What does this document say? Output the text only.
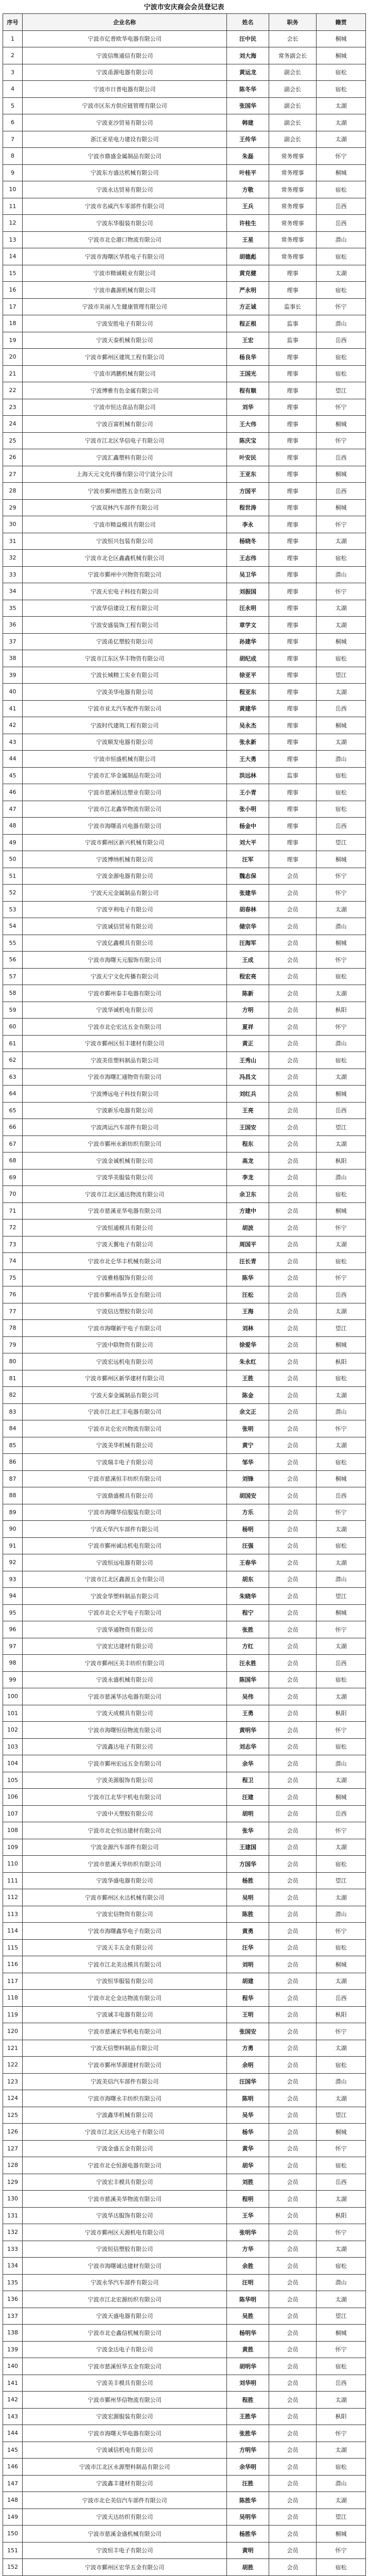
宁波市安庆商会会员登记表
序号	企业名称	姓名	职务	籍贯
1	宁波市亿普欧华电器有限公司	汪中民	会长	桐城
2	宁波信维通信有限公司	刘大海	常务副会长	桐城
3	宁波甬源电器有限公司	黄运龙	副会长	宿松
4	宁波市日普电器有限公司	陈冬华	副会长	宿松
5	宁波市区东方供应链管理有限公司	张国华	副会长	太湖
6	宁波亚沙贸易有限公司	韩建	副会长	太湖
7	浙江亚星电力建设有限公司	王传华	副会长	太湖
8	宁波市鼎盛金属制品有限公司	朱磊	常务理事	怀宁
9	宁波东方盛达机械有限公司	叶桂平	常务理事	桐城
10	宁波永达贸易有限公司	方敬	常务理事	宿松
11	宁波市名威汽车零部件有限公司	王兵	常务理事	岳西
12	宁波东华服装有限公司	许桂生	常务理事	岳西
13	宁波市北仑港口物流有限公司	王星	常务理事	潜山
14	宁波市海曙区华胜电子有限公司	胡德彪	常务理事	宿松
15	宁波市精诚鞋业有限公司	黄克健	理事	太湖
16	宁波市鑫源机械有限公司	严永明	理事	宿松
17	宁波市美丽人生健康管理有限公司	方正诚	监事长	怀宁
18	宁波安胜电子有限公司	程正根	监事	潜山
19	宁波天泰机械有限公司	王宏	监事	岳西
20	宁波市鄞州区建筑工程有限公司	杨良华	理事	宿松
21	宁波市鸿鹏机械有限公司	王国光	理事	宿松
22	宁波博雅有色金属有限公司	程有顺	理事	望江
23	宁波市恒达食品有限公司	刘华	理事	怀宁
24	宁波百富机械有限公司	王大伟	理事	桐城
25	宁波市江北区华信电子有限公司	陈庆宝	理事	怀宁
26	宁波汇鑫塑料有限公司	叶安民	理事	岳西
27	上海天元文化传播有限公司宁波分公司	王亚东	理事	桐城
28	宁波市鄞州德胜五金有限公司	方国平	理事	岳西
29	宁波双林汽车部件有限公司	程世涛	理事	桐城
30	宁波市精益模具有限公司	李永	理事	怀宁
31	宁波恒兴包装有限公司	杨晓冬	理事	太湖
32	宁波市北仑区鑫鑫机械有限公司	王志伟	理事	宿松
33	宁波市鄞州中兴物资有限公司	吴卫华	理事	潜山
34	宁波天宏电子科技有限公司	刘振国	理事	怀宁
35	宁波华信建设工程有限公司	汪永明	理事	太湖
36	宁波安盛装饰工程有限公司	章学文	理事	太湖
37	宁波甬亿塑胶有限公司	孙建华	理事	桐城
38	宁波市江东区华丰物资有限公司	胡纪成	理事	宿松
39	宁波长城精工实业有限公司	徐亚平	理事	望江
40	宁波美华电器有限公司	程亚东	理事	太湖
41	宁波市亚太汽车配件有限公司	黄建华	理事	岳西
42	宁波时代建筑工程有限公司	吴永杰	理事	桐城
43	宁波顺发电器有限公司	张永新	理事	太湖
44	宁波市恒盛机械有限公司	王大勇	理事	潜山
45	宁波市汇华金属制品有限公司	洪远林	监事	宿松
46	宁波市慈溪恒达塑业有限公司	王小青	理事	宿松
47	宁波市江北鑫华物流有限公司	张小明	理事	宿松
48	宁波市海曙甬兴电器有限公司	杨金中	理事	岳西
49	宁波市鄞州区新兴机械有限公司	刘大平	理事	望江
50	宁波博纳机械有限公司	汪军	理事	桐城
51	宁波金源电器有限公司	魏志保	会员	怀宁
52	宁波天元金属制品有限公司	张建华	会员	怀宁
53	宁波亨利电子有限公司	胡春林	会员	太湖
54	宁波诚信贸易有限公司	储宗华	会员	潜山
55	宁波亿鑫模具有限公司	汪海军	会员	桐城
56	宁波市海曙天元服饰有限公司	王成	会员	怀宁
57	宁波天宁文化传播有限公司	程宏亮	会员	宿松
58	宁波市鄞州泰丰电器有限公司	陈新	会员	太湖
59	宁波华诚机电有限公司	方明	会员	枞阳
60	宁波市北仑宏达五金有限公司	夏祥	会员	怀宁
61	宁波市鄞州区恒丰建材有限公司	黄正	会员	潜山
62	宁波美佳塑料制品有限公司	王秀山	会员	宿松
63	宁波市海曙汇通物资有限公司	冯昌文	会员	太湖
64	宁波博远电子科技有限公司	刘红兵	会员	桐城
65	宁波新乐电器有限公司	王亮	会员	岳西
66	宁波鸿运汽车部件有限公司	王国安	会员	望江
67	宁波市鄞州永新纺织有限公司	程东	会员	太湖
68	宁波金诚机械有限公司	高龙	会员	枞阳
69	宁波华美服装有限公司	李龙	会员	潜山
70	宁波市江北区通达物流有限公司	余卫东	会员	宿松
71	宁波市慈溪亚华电器有限公司	方建中	会员	桐城
72	宁波恒通模具有限公司	胡波	会员	怀宁
73	宁波天翼电子有限公司	周国平	会员	太湖
74	宁波市北仑华丰机械有限公司	汪长青	会员	宿松
75	宁波雅格服饰有限公司	陈华	会员	怀宁
76	宁波市鄞州甬华五金有限公司	汪松	会员	岳西
77	宁波信达塑胶有限公司	王海	会员	太湖
78	宁波市海曙新宇电子有限公司	刘林	会员	望江
79	宁波中联物资有限公司	徐爱华	会员	桐城
80	宁波宏远机电有限公司	朱永红	会员	枞阳
81	宁波市鄞州区新华建材有限公司	王胜	会员	宿松
82	宁波天泰金属制品有限公司	陈金	会员	太湖
83	宁波市江北汇丰电器有限公司	余文正	会员	潜山
84	宁波市北仑宏兴物流有限公司	张明	会员	怀宁
85	宁波美华机械有限公司	黄宁	会员	太湖
86	宁波瑞丰电子有限公司	邹华	会员	宿松
87	宁波市慈溪恒丰纺织有限公司	刘锋	会员	桐城
88	宁波鼎盛模具有限公司	胡国安	会员	岳西
89	宁波市海曙华信服装有限公司	方乐	会员	怀宁
90	宁波天华汽车部件有限公司	杨明	会员	太湖
91	宁波市鄞州诚达机电有限公司	汪强	会员	宿松
92	宁波恒远电器有限公司	王春华	会员	太湖
93	宁波市江北区鑫源五金有限公司	胡东	会员	潜山
94	宁波金华塑料制品有限公司	朱晓华	会员	望江
95	宁波市北仑天宇电子有限公司	程宁	会员	桐城
96	宁波华通物资有限公司	张胜	会员	怀宁
97	宁波宏达建材有限公司	方红	会员	太湖
98	宁波市鄞州区美丰纺织有限公司	汪永胜	会员	岳西
99	宁波永盛机械有限公司	陈国华	会员	宿松
100	宁波市慈溪华达电器有限公司	吴伟	会员	太湖
101	宁波天成模具有限公司	王勇	会员	枞阳
102	宁波市海曙恒信物流有限公司	黄明华	会员	怀宁
103	宁波鑫达电子有限公司	刘志华	会员	宿松
104	宁波市鄞州宏远五金有限公司	余华	会员	潜山
105	宁波美源服饰有限公司	程卫	会员	太湖
106	宁波市江北华宇机电有限公司	汪建	会员	桐城
107	宁波中天塑胶有限公司	胡明	会员	岳西
108	宁波市北仑恒达建材有限公司	张华	会员	怀宁
109	宁波金源汽车部件有限公司	王建国	会员	太湖
110	宁波市慈溪天华纺织有限公司	方国华	会员	宿松
111	宁波华盛电器有限公司	杨胜	会员	望江
112	宁波市鄞州区永达机械有限公司	吴明	会员	太湖
113	宁波宏信物资有限公司	陈胜	会员	潜山
114	宁波市海曙鑫华电子有限公司	黄勇	会员	怀宁
115	宁波天丰五金有限公司	汪华	会员	宿松
116	宁波市江北美达模具有限公司	刘明	会员	桐城
117	宁波恒华服装有限公司	胡建	会员	太湖
118	宁波市北仑金达物流有限公司	程华	会员	岳西
119	宁波诚丰电器有限公司	王明	会员	枞阳
120	宁波市慈溪宏华机电有限公司	张国安	会员	怀宁
121	宁波天信塑料制品有限公司	方勇	会员	太湖
122	宁波市鄞州华源建材有限公司	余明	会员	宿松
123	宁波美信汽车部件有限公司	汪国华	会员	潜山
124	宁波市海曙永丰纺织有限公司	陈明	会员	太湖
125	宁波鑫华机械有限公司	吴华	会员	望江
126	宁波市江北区天达电子有限公司	杨华	会员	桐城
127	宁波金盛五金有限公司	黄华	会员	怀宁
128	宁波市北仑恒源电器有限公司	胡华	会员	宿松
129	宁波宏丰模具有限公司	刘胜	会员	岳西
130	宁波市慈溪美华物流有限公司	程明	会员	太湖
131	宁波华达服饰有限公司	王华	会员	枞阳
132	宁波市鄞州区天源机电有限公司	张明华	会员	怀宁
133	宁波恒信塑胶有限公司	方华	会员	太湖
134	宁波市海曙诚达建材有限公司	余胜	会员	宿松
135	宁波永华汽车部件有限公司	汪明	会员	潜山
136	宁波市江北宏源纺织有限公司	陈华明	会员	太湖
137	宁波天盛电器有限公司	吴胜	会员	望江
138	宁波市北仑鑫信机械有限公司	杨明华	会员	桐城
139	宁波金达电子有限公司	黄胜	会员	怀宁
140	宁波市慈溪恒华五金有限公司	胡明华	会员	宿松
141	宁波美丰模具有限公司	刘华明	会员	岳西
142	宁波市鄞州华信物流有限公司	程胜	会员	太湖
143	宁波宏源服装有限公司	王胜华	会员	枞阳
144	宁波市海曙天华电器有限公司	张胜华	会员	怀宁
145	宁波诚信机电有限公司	方明华	会员	太湖
146	宁波市江北区永源塑料制品有限公司	余华明	会员	宿松
147	宁波鑫丰建材有限公司	汪胜	会员	潜山
148	宁波市北仑美信汽车部件有限公司	陈胜华	会员	太湖
149	宁波天达纺织有限公司	吴明华	会员	望江
150	宁波市慈溪金盛机械有限公司	杨胜华	会员	桐城
151	宁波恒丰电子有限公司	黄明	会员	怀宁
152	宁波市鄞州区宏华五金有限公司	胡胜	会员	宿松
